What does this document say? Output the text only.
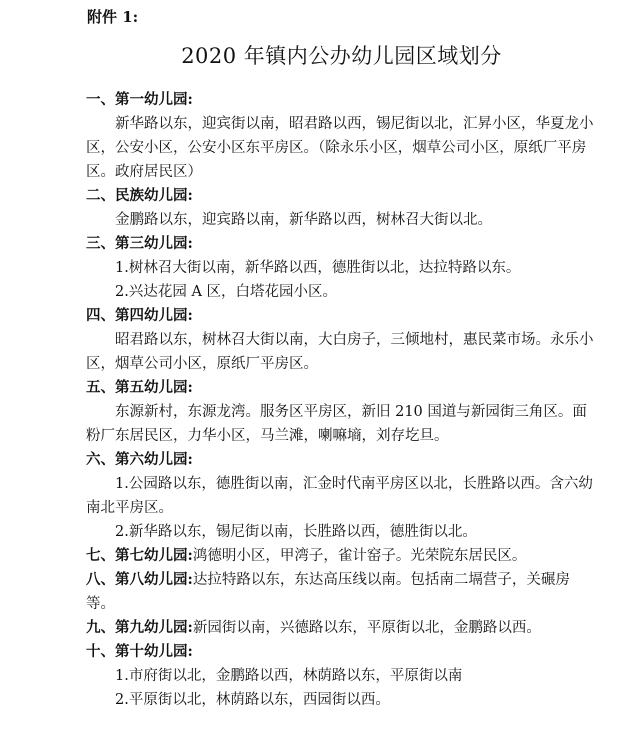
附件 1:
2020 年镇内公办幼儿园区域划分
一、第一幼儿园:
新华路以东，迎宾街以南，昭君路以西，锡尼街以北，汇昇小区，华夏龙小区，公安小区，公安小区东平房区。（除永乐小区，烟草公司小区，原纸厂平房区。政府居民区）
二、民族幼儿园:
金鹏路以东，迎宾路以南，新华路以西，树林召大街以北。
三、第三幼儿园:
1.树林召大街以南，新华路以西，德胜街以北，达拉特路以东。
2.兴达花园 A 区，白塔花园小区。
四、第四幼儿园:
昭君路以东，树林召大街以南，大白房子，三倾地村，惠民菜市场。永乐小区，烟草公司小区，原纸厂平房区。
五、第五幼儿园:
东源新村，东源龙湾。服务区平房区，新旧 210 国道与新园街三角区。面粉厂东居民区，力华小区，马兰滩，喇嘛墒，刘存圪旦。
六、第六幼儿园:
1.公园路以东，德胜街以南，汇金时代南平房区以北，长胜路以西。含六幼南北平房区。
2.新华路以东，锡尼街以南，长胜路以西，德胜街以北。
七、第七幼儿园:鸿德明小区，甲湾子，雀计窑子。光荣院东居民区。
八、第八幼儿园:达拉特路以东，东达高压线以南。包括南二塥营子，关碾房等。
九、第九幼儿园:新园街以南，兴德路以东，平原街以北，金鹏路以西。
十、第十幼儿园:
1.市府街以北，金鹏路以西，林荫路以东，平原街以南
2.平原街以北，林荫路以东，西园街以西。
